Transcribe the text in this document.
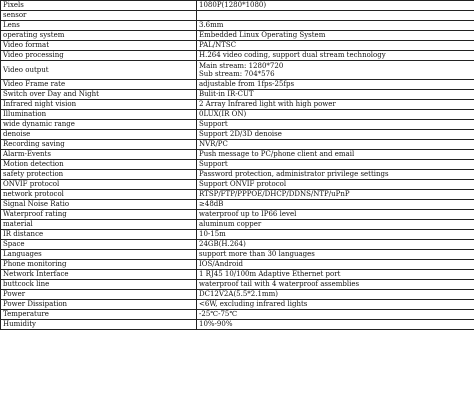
Pixels	1080P(1280*1080)
sensor	
Lens	3.6mm
operating system	Embedded Linux Operating System
Video format	PAL/NTSC
Video processing	H.264 video coding, support dual stream technology
Video output	Main stream: 1280*720
Sub stream: 704*576

Video Frame rate	adjustable from 1fps-25fps
Switch over Day and Night	Bulit-in IR-CUT
Infrared night vision	2 Array Infrared light with high power
Illumination	0LUX(IR ON)
wide dynamic range	Support
denoise	Support 2D/3D denoise
Recording saving	NVR/PC
Alarm-Events	Push message to PC/phone client and email
Motion detection	Support
safety protection	Password protection, administrator privilege settings
ONVIF protocol	Support ONVIF protocol
network protocol	RTSP/FTP/PPPOE/DHCP/DDNS/NTP/uPnP
Signal Noise Ratio	≥48dB
Waterproof rating	waterproof up to IP66 level
material	aluminum copper
IR distance	10-15m
Space	24GB(H.264)
Languages	support more than 30 languages
Phone monitoring	IOS/Android
Network Interface	1 RJ45 10/100m Adaptive Ethernet port
buttcock line	waterproof tail with 4 waterproof assemblies
Power	DC12V2A(5.5*2.1mm)
Power Dissipation	<6W, excluding infrared lights
Temperature	-25℃-75℃
Humidity	10%-90%
